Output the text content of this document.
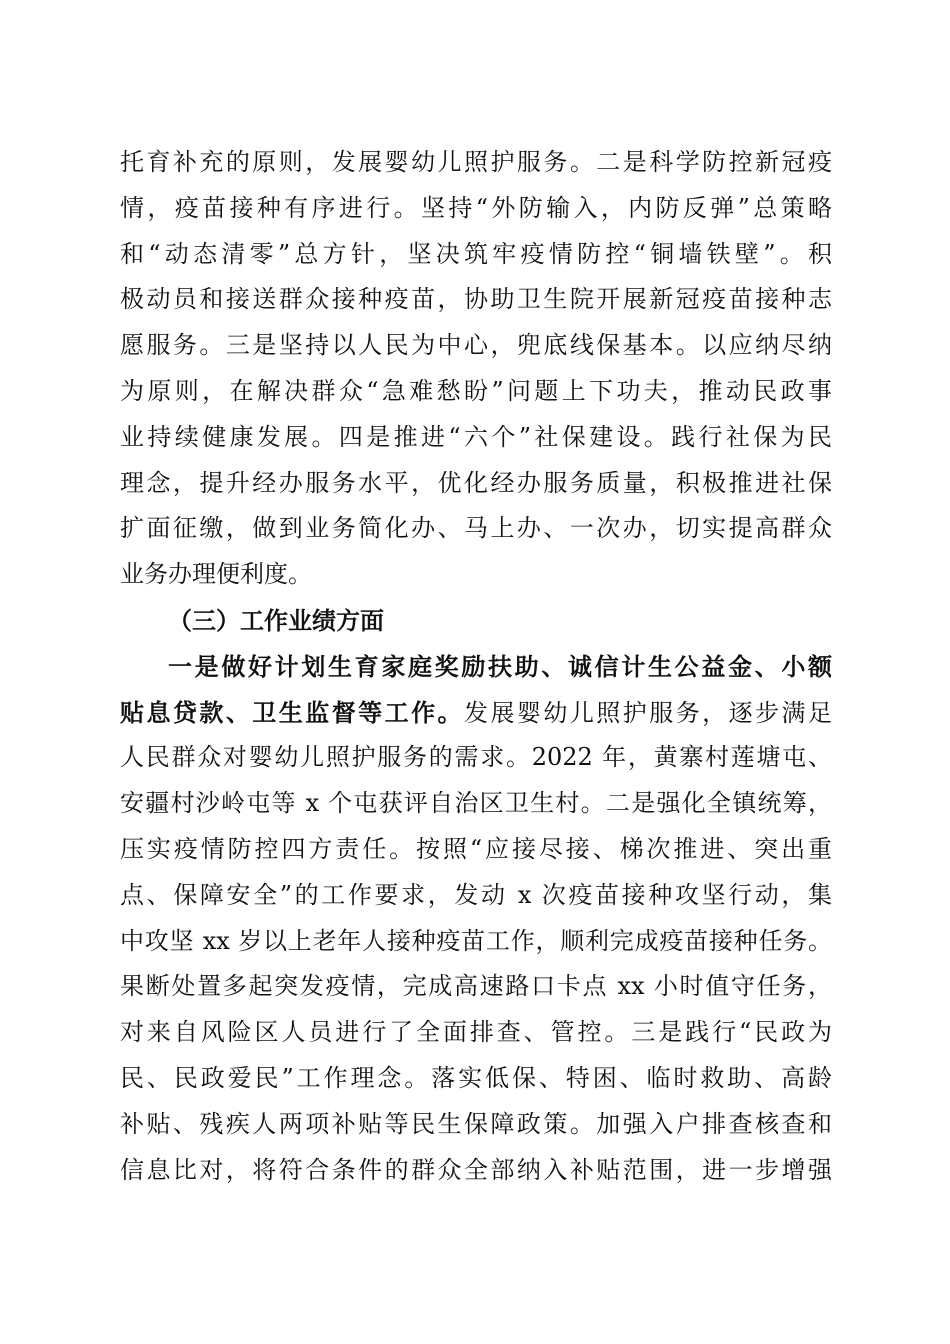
托育补充的原则，发展婴幼儿照护服务。二是科学防控新冠疫
情，疫苗接种有序进行。坚持“外防输入，内防反弹”总策略
和“动态清零”总方针，坚决筑牢疫情防控“铜墙铁壁”。积
极动员和接送群众接种疫苗，协助卫生院开展新冠疫苗接种志
愿服务。三是坚持以人民为中心，兜底线保基本。以应纳尽纳
为原则，在解决群众“急难愁盼”问题上下功夫，推动民政事
业持续健康发展。四是推进“六个”社保建设。践行社保为民
理念，提升经办服务水平，优化经办服务质量，积极推进社保
扩面征缴，做到业务简化办、马上办、一次办，切实提高群众
业务办理便利度。
（三）工作业绩方面
一是做好计划生育家庭奖励扶助、诚信计生公益金、小额
贴息贷款、卫生监督等工作。发展婴幼儿照护服务，逐步满足
人民群众对婴幼儿照护服务的需求。2022 年，黄寨村莲塘屯、
安疆村沙岭屯等 x 个屯获评自治区卫生村。二是强化全镇统筹，
压实疫情防控四方责任。按照“应接尽接、梯次推进、突出重
点、保障安全”的工作要求，发动 x 次疫苗接种攻坚行动，集
中攻坚 xx 岁以上老年人接种疫苗工作，顺利完成疫苗接种任务。
果断处置多起突发疫情，完成高速路口卡点 xx 小时值守任务，
对来自风险区人员进行了全面排查、管控。三是践行“民政为
民、民政爱民”工作理念。落实低保、特困、临时救助、高龄
补贴、残疾人两项补贴等民生保障政策。加强入户排查核查和
信息比对，将符合条件的群众全部纳入补贴范围，进一步增强
